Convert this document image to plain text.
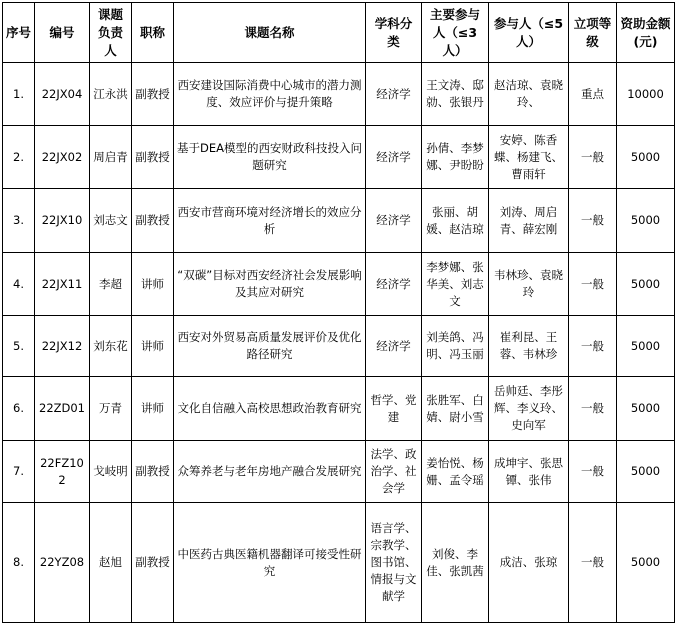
序号	编号	课题负责人	职称	课题名称	学科分类	主要参与人（≤3人）	参与人（≤5人）	立项等级	资助金额(元)
1.	22JX04	江永洪	副教授	西安建设国际消费中心城市的潜力测度、效应评价与提升策略	经济学	王文涛、邸勍、张银丹	赵洁琼、袁晓玲、	重点	10000
2.	22JX02	周启青	副教授	基于DEA模型的西安财政科技投入问题研究	经济学	孙倩、李梦娜、尹盼盼	安婷、陈香蝶、杨建飞、曹雨轩	一般	5000
3.	22JX10	刘志文	副教授	西安市营商环境对经济增长的效应分析	经济学	张丽、胡媛、赵洁琼	刘涛、周启青、薛宏刚	一般	5000
4.	22JX11	李超	讲师	“双碳”目标对西安经济社会发展影响及其应对研究	经济学	李梦娜、张华美、刘志文	韦林珍、袁晓玲	一般	5000
5.	22JX12	刘东花	讲师	西安对外贸易高质量发展评价及优化路径研究	经济学	刘美鸽、冯明、冯玉丽	崔利昆、王蓉、韦林珍	一般	5000
6.	22ZD01	万青	讲师	文化自信融入高校思想政治教育研究	哲学、党建	张胜军、白婧、尉小雪	岳帅廷、李彤辉、李义玲、史向军	一般	5000
7.	22FZ102	戈岐明	副教授	众筹养老与老年房地产融合发展研究	法学、政治学、社会学	姜怡悦、杨姗、孟令瑶	成坤宇、张思镡、张伟	一般	5000
8.	22YZ08	赵旭	副教授	中医药古典医籍机器翻译可接受性研究	语言学、宗教学、图书馆、情报与文献学	刘俊、李佳、张凯茜	成洁、张琼	一般	5000
